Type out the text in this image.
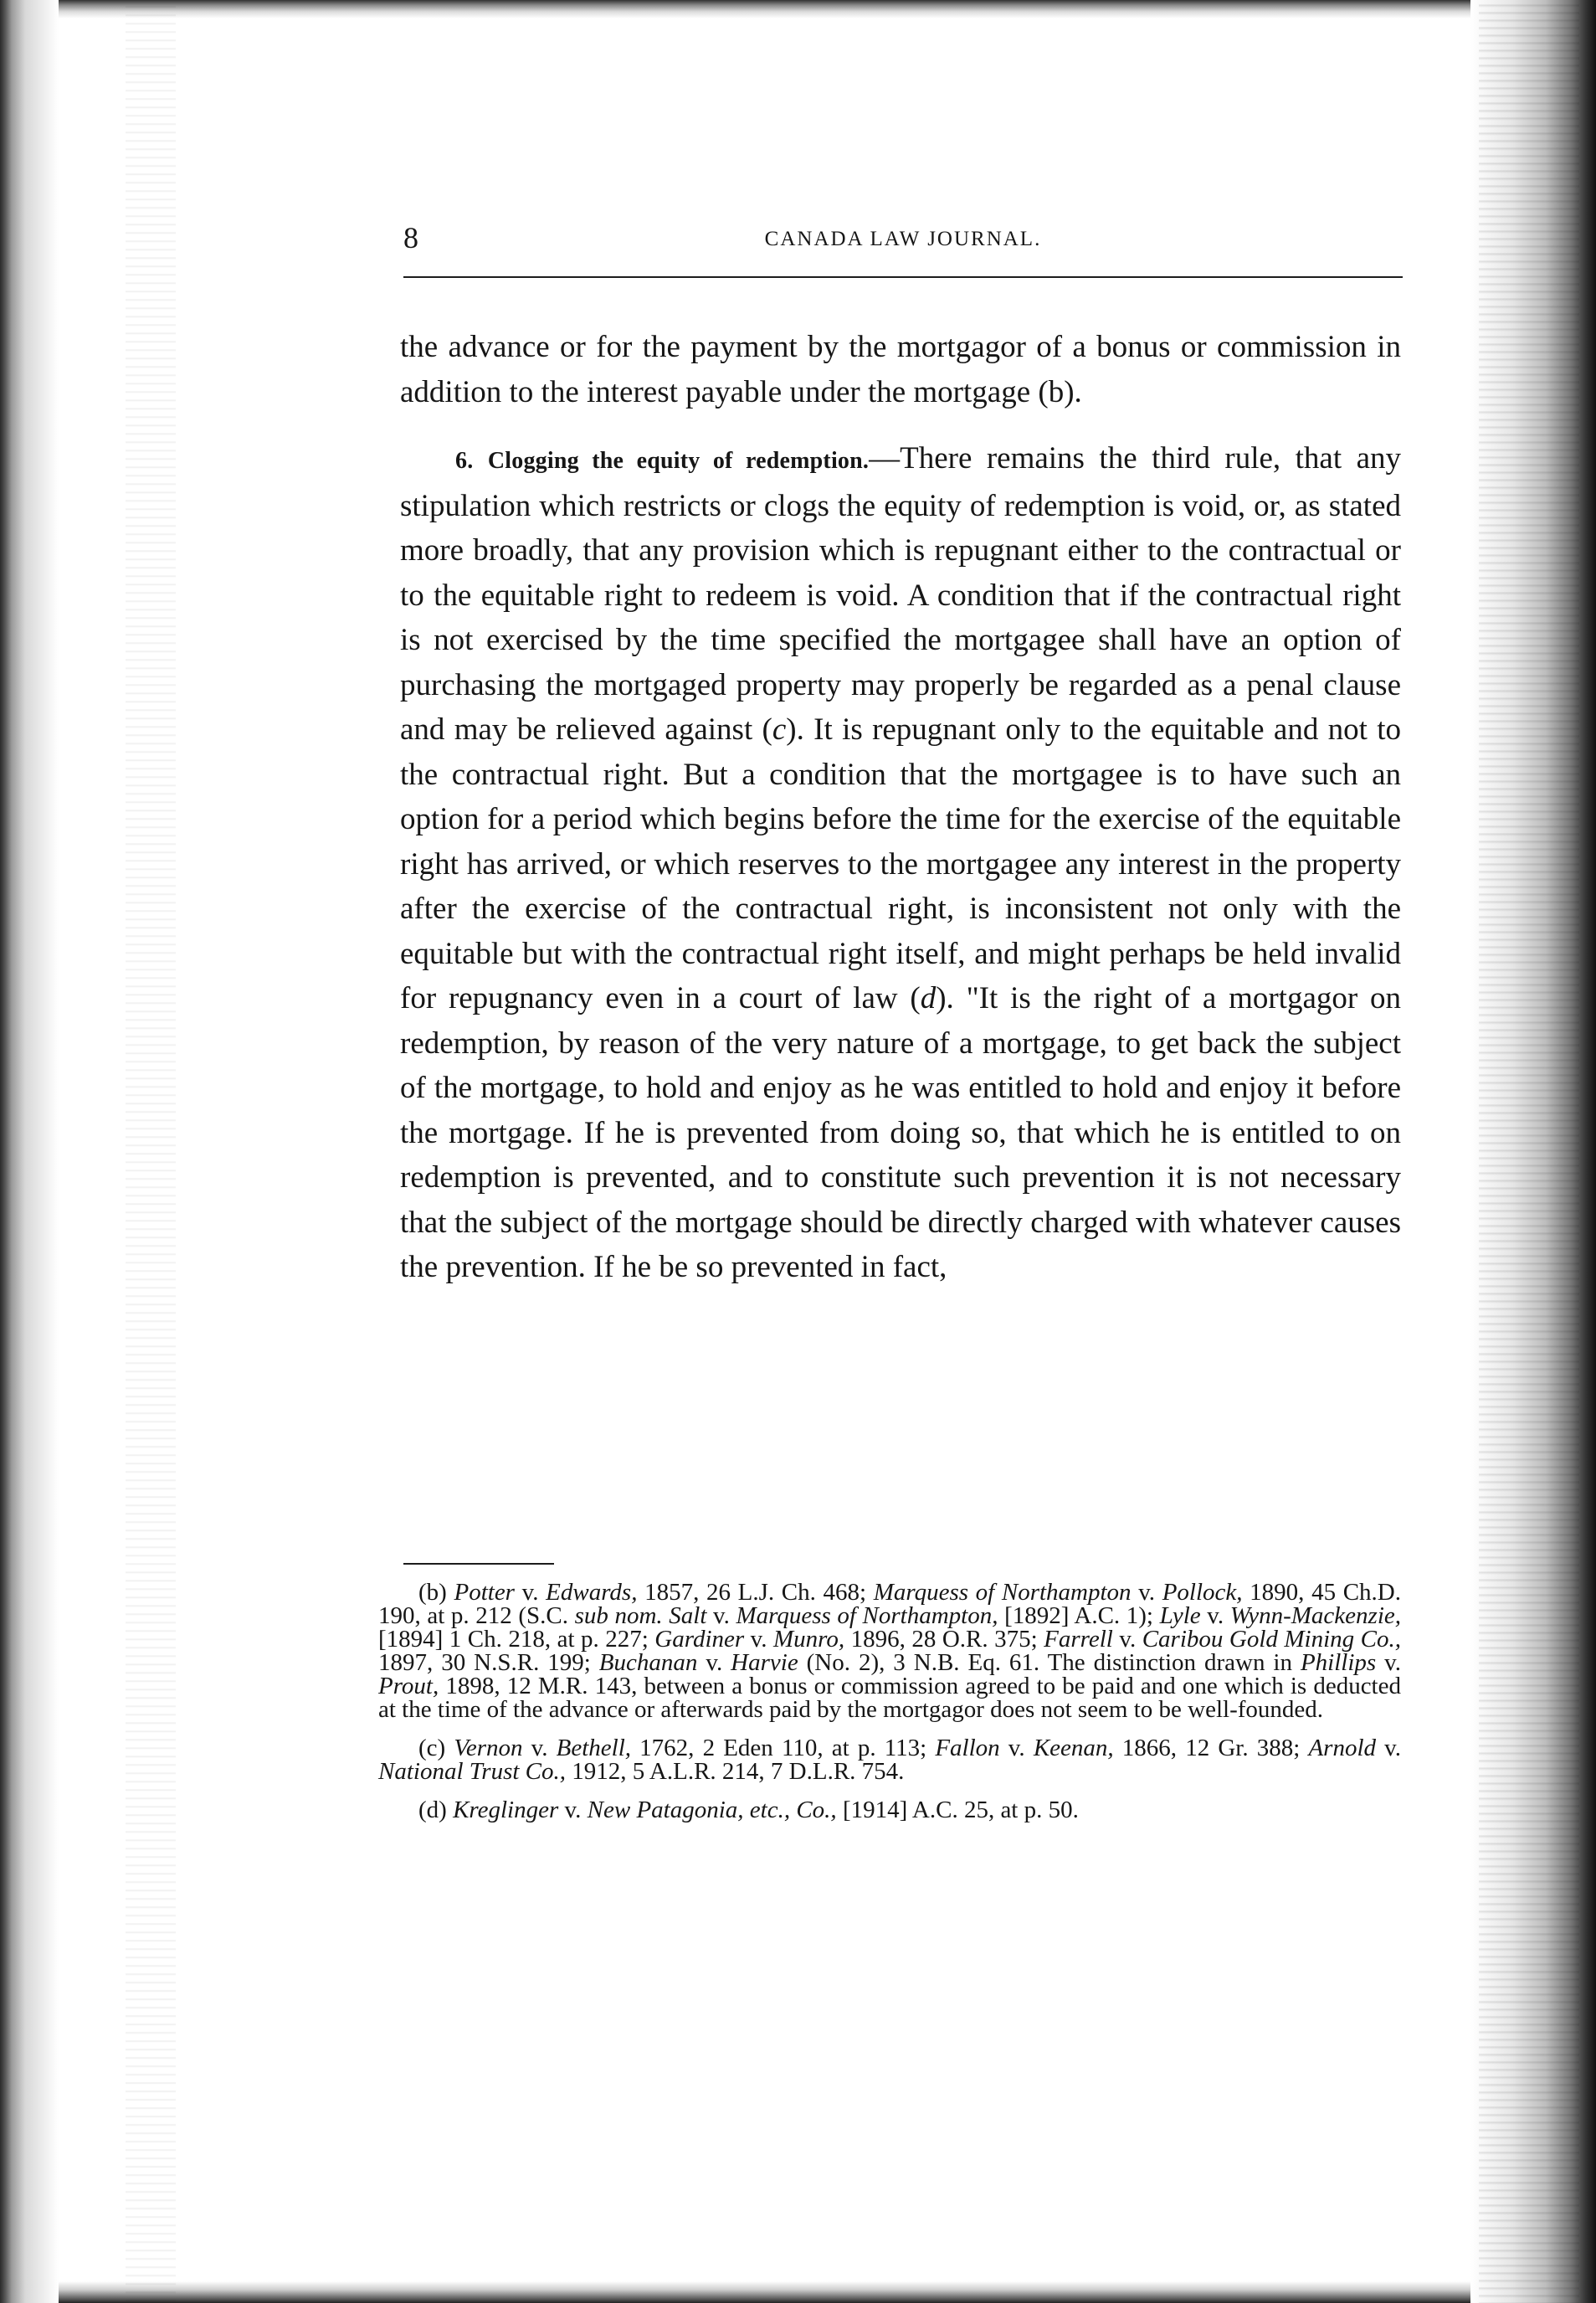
8	CANADA LAW JOURNAL.

the advance or for the payment by the mortgagor of a bonus or commission in addition to the interest payable under the mortgage (b).

6. Clogging the equity of redemption.—There remains the third rule, that any stipulation which restricts or clogs the equity of redemption is void, or, as stated more broadly, that any provision which is repugnant either to the contractual or to the equitable right to redeem is void. A condition that if the contractual right is not exercised by the time specified the mortgagee shall have an option of purchasing the mortgaged property may properly be regarded as a penal clause and may be relieved against (c). It is repugnant only to the equitable and not to the contractual right. But a condition that the mortgagee is to have such an option for a period which begins before the time for the exercise of the equitable right has arrived, or which reserves to the mortgagee any interest in the property after the exercise of the contractual right, is inconsistent not only with the equitable but with the contractual right itself, and might perhaps be held invalid for repugnancy even in a court of law (d). "It is the right of a mortgagor on redemption, by reason of the very nature of a mortgage, to get back the subject of the mortgage, to hold and enjoy as he was entitled to hold and enjoy it before the mortgage. If he is prevented from doing so, that which he is entitled to on redemption is prevented, and to constitute such prevention it is not necessary that the subject of the mortgage should be directly charged with whatever causes the prevention. If he be so prevented in fact,

(b) Potter v. Edwards, 1857, 26 L.J. Ch. 468; Marquess of Northampton v. Pollock, 1890, 45 Ch.D. 190, at p. 212 (S.C. sub nom. Salt v. Marquess of Northampton, [1892] A.C. 1); Lyle v. Wynn-Mackenzie, [1894] 1 Ch. 218, at p. 227; Gardiner v. Munro, 1896, 28 O.R. 375; Farrell v. Caribou Gold Mining Co., 1897, 30 N.S.R. 199; Buchanan v. Harvie (No. 2), 3 N.B. Eq. 61. The distinction drawn in Phillips v. Prout, 1898, 12 M.R. 143, between a bonus or commission agreed to be paid and one which is deducted at the time of the advance or afterwards paid by the mortgagor does not seem to be well-founded.

(c) Vernon v. Bethell, 1762, 2 Eden 110, at p. 113; Fallon v. Keenan, 1866, 12 Gr. 388; Arnold v. National Trust Co., 1912, 5 A.L.R. 214, 7 D.L.R. 754.

(d) Kreglinger v. New Patagonia, etc., Co., [1914] A.C. 25, at p. 50.
